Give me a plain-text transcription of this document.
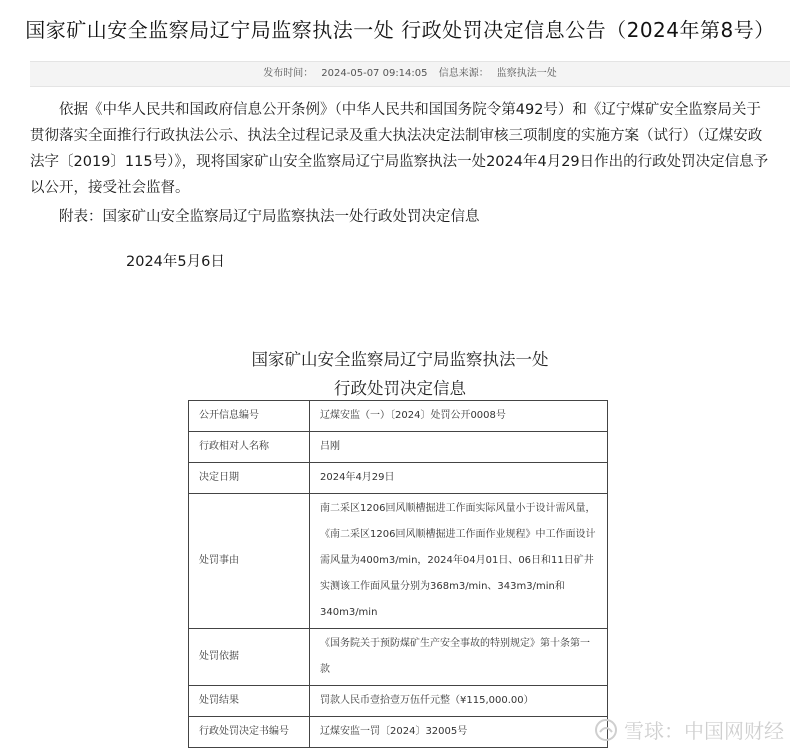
国家矿山安全监察局辽宁局监察执法一处 行政处罚决定信息公告（2024年第8号）
发布时间： 2024-05-07 09:14:05 信息来源： 监察执法一处

依据《中华人民共和国政府信息公开条例》（中华人民共和国国务院令第492号）和《辽宁煤矿安全监察局关于贯彻落实全面推行行政执法公示、执法全过程记录及重大执法决定法制审核三项制度的实施方案（试行）（辽煤安政法字〔2019〕115号）》，现将国家矿山安全监察局辽宁局监察执法一处2024年4月29日作出的行政处罚决定信息予以公开，接受社会监督。

附表：国家矿山安全监察局辽宁局监察执法一处行政处罚决定信息

2024年5月6日
国家矿山安全监察局辽宁局监察执法一处
行政处罚决定信息
公开信息编号	辽煤安监（一）〔2024〕处罚公开0008号
行政相对人名称	吕刚
决定日期	2024年4月29日
处罚事由	南二采区1206回风顺槽掘进工作面实际风量小于设计需风量，《南二采区1206回风顺槽掘进工作面作业规程》中工作面设计需风量为400m3/min，2024年04月01日、06日和11日矿井实测该工作面风量分别为368m3/min、343m3/min和340m3/min
处罚依据	《国务院关于预防煤矿生产安全事故的特别规定》第十条第一款
处罚结果	罚款人民币壹拾壹万伍仟元整（¥115,000.00）
行政处罚决定书编号	辽煤安监一罚〔2024〕32005号	雪球：中国网财经
